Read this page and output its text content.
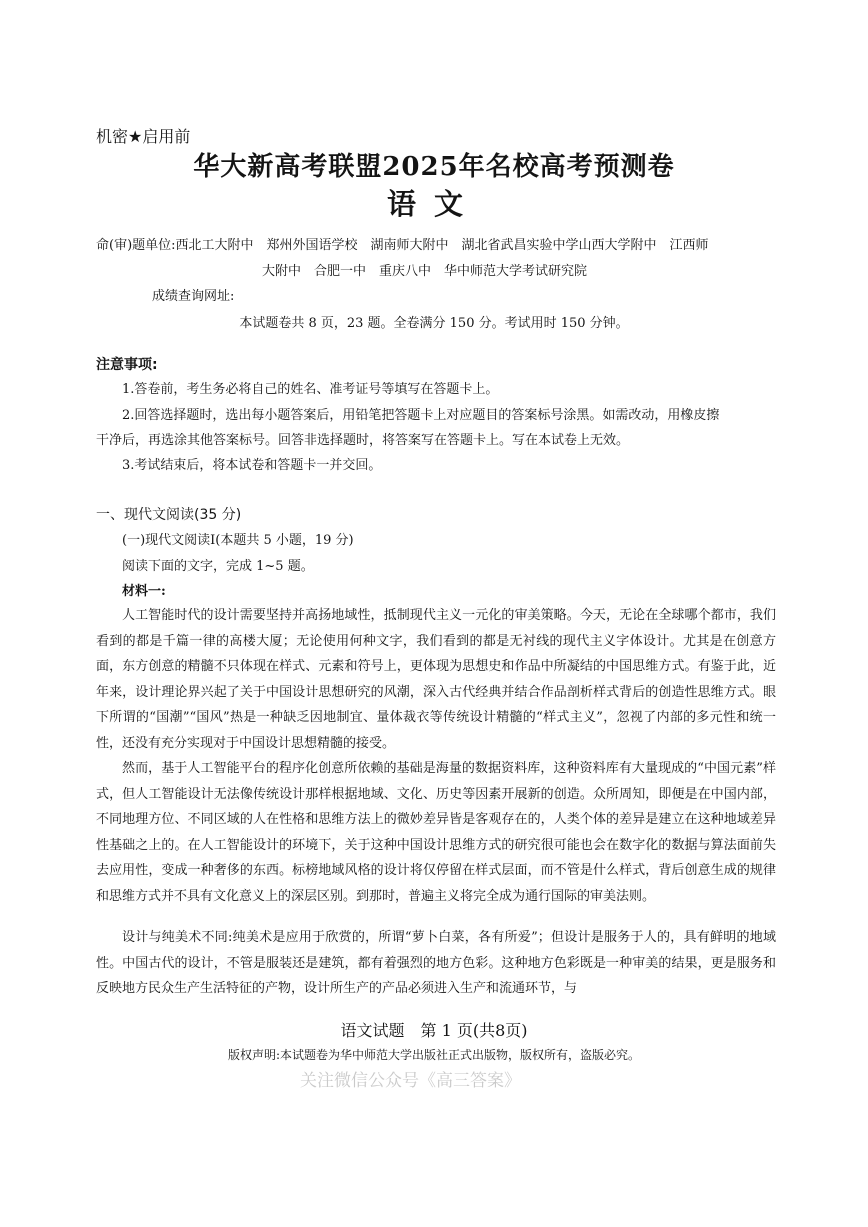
机密★启用前
华大新高考联盟2025年名校高考预测卷
语文
命(审)题单位:西北工大附中　郑州外国语学校　湖南师大附中　湖北省武昌实验中学山西大学附中　江西师
大附中　合肥一中　重庆八中　华中师范大学考试研究院
成绩查询网址:
本试题卷共 8 页，23 题。全卷满分 150 分。考试用时 150 分钟。
注意事项:
1.答卷前，考生务必将自己的姓名、准考证号等填写在答题卡上。
2.回答选择题时，选出每小题答案后，用铅笔把答题卡上对应题目的答案标号涂黑。如需改动，用橡皮擦
干净后，再选涂其他答案标号。回答非选择题时，将答案写在答题卡上。写在本试卷上无效。
3.考试结束后，将本试卷和答题卡一并交回。
一、现代文阅读(35 分)
(一)现代文阅读Ⅰ(本题共 5 小题，19 分)
阅读下面的文字，完成 1~5 题。
材料一:

人工智能时代的设计需要坚持并高扬地域性，抵制现代主义一元化的审美策略。今天，无论在全球哪个都市，我们看到的都是千篇一律的高楼大厦；无论使用何种文字，我们看到的都是无衬线的现代主义字体设计。尤其是在创意方面，东方创意的精髓不只体现在样式、元素和符号上，更体现为思想史和作品中所凝结的中国思维方式。有鉴于此，近年来，设计理论界兴起了关于中国设计思想研究的风潮，深入古代经典并结合作品剖析样式背后的创造性思维方式。眼下所谓的“国潮”“国风”热是一种缺乏因地制宜、量体裁衣等传统设计精髓的“样式主义”，忽视了内部的多元性和统一性，还没有充分实现对于中国设计思想精髓的接受。

然而，基于人工智能平台的程序化创意所依赖的基础是海量的数据资料库，这种资料库有大量现成的“中国元素”样式，但人工智能设计无法像传统设计那样根据地域、文化、历史等因素开展新的创造。众所周知，即便是在中国内部，不同地理方位、不同区域的人在性格和思维方法上的微妙差异皆是客观存在的，人类个体的差异是建立在这种地域差异性基础之上的。在人工智能设计的环境下，关于这种中国设计思维方式的研究很可能也会在数字化的数据与算法面前失去应用性，变成一种奢侈的东西。标榜地域风格的设计将仅停留在样式层面，而不管是什么样式，背后创意生成的规律和思维方式并不具有文化意义上的深层区别。到那时，普遍主义将完全成为通行国际的审美法则。

设计与纯美术不同:纯美术是应用于欣赏的，所谓“萝卜白菜，各有所爱”；但设计是服务于人的，具有鲜明的地域性。中国古代的设计，不管是服装还是建筑，都有着强烈的地方色彩。这种地方色彩既是一种审美的结果，更是服务和反映地方民众生产生活特征的产物，设计所生产的产品必须进入生产和流通环节，与

语文试题　第 1 页(共8页)
版权声明:本试题卷为华中师范大学出版社正式出版物，版权所有，盗版必究。
关注微信公众号《高三答案》
